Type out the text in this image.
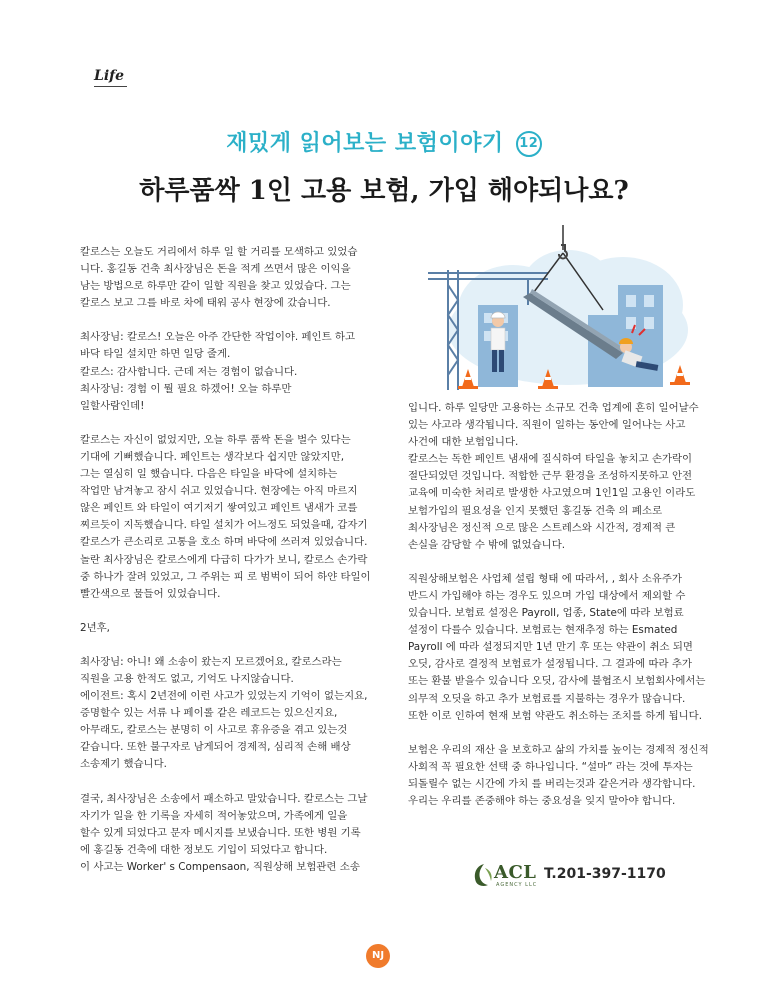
Life
재밌게 읽어보는 보험이야기 12
하루품싹 1인 고용 보험, 가입 해야되나요?

칼로스는 오늘도 거리에서 하루 일 할 거리를 모색하고 있었습
니다. 홍길동 건축 최사장님은 돈을 적게 쓰면서 많은 이익을
남는 방법으로 하루만 같이 일할 직원을 찾고 있었습다. 그는
칼로스 보고 그를 바로 차에 태워 공사 현장에 갔습니다.

최사장님: 칼로스! 오늘은 아주 간단한 작업이야. 페인트 하고
바닥 타일 설치만 하면 일당 줄게.
칼로스: 감사합니다. 근데 저는 경험이 없습니다.
최사장님: 경험 이 뭘 필요 하겠어! 오늘 하루만
일할사람인데!

칼로스는 자신이 없었지만, 오늘 하루 품싹 돈을 벌수 있다는
기대에 기뻐했습니다. 페인트는 생각보다 쉽지만 않았지만,
그는 열심히 일 했습니다. 다음은 타일을 바닥에 설치하는
작업만 남겨놓고 잠시 쉬고 있었습니다. 현장에는 아직 마르지
않은 페인트 와 타일이 여기저기 쌓여있고 페인트 냄새가 코를
찌르듯이 지독했습니다. 타일 설치가 어느정도 되었을때, 갑자기
칼로스가 큰소리로 고통을 호소 하며 바닥에 쓰러져 있었습니다.
놀란 최사장님은 칼로스에게 다급히 다가가 보니, 칼로스 손가락
중 하나가 잘려 있었고, 그 주위는 피 로 범벅이 되어 하얀 타일이
빨간색으로 물들어 있었습니다.

2년후,

최사장님: 아니! 왜 소송이 왔는지 모르겠어요, 칼로스라는
직원을 고용 한적도 없고, 기억도 나지않습니다.
에이전트: 혹시 2년전에 이런 사고가 있었는지 기억이 없는지요,
증명할수 있는 서류 나 페이롤 같은 레코드는 있으신지요,
아무래도, 칼로스는 분명히 이 사고로 휴유증을 겪고 있는것
같습니다. 또한 불구자로 남게되어 경제적, 심리적 손해 배상
소송제기 했습니다.

결국, 최사장님은 소송에서 패소하고 말았습니다. 칼로스는 그날
자기가 일을 한 기록을 자세히 적어놓았으며, 가족에게 일을
할수 있게 되었다고 문자 메시지를 보냈습니다. 또한 병원 기록
에 홍길동 건축에 대한 정보도 기입이 되었다고 합니다.
이 사고는 Worker' s Compensaon, 직원상해 보험관련 소송

입니다. 하루 일당만 고용하는 소규모 건축 업계에 흔히 일어날수
있는 사고라 생각됩니다. 직원이 일하는 동안에 일어나는 사고
사건에 대한 보험입니다.
칼로스는 독한 페인트 냄새에 질식하여 타일을 놓치고 손가락이
절단되었던 것입니다. 적합한 근무 환경을 조성하지못하고 안전
교육에 미숙한 처리로 발생한 사고였으며 1인1일 고용인 이라도
보험가입의 필요성을 인지 못했던 홍길동 건축 의 폐소로
최사장님은 정신적 으로 많은 스트레스와 시간적, 경제적 큰
손실을 감당할 수 밖에 없었습니다.

직원상해보험은 사업체 설립 형태 에 따라서, , 회사 소유주가
반드시 가입해야 하는 경우도 있으며 가입 대상에서 제외할 수
있습니다. 보험료 설정은 Payroll, 업종, State에 따라 보험료
설정이 다를수 있습니다. 보험료는 현재추정 하는 Esmated
Payroll 에 따라 설정되지만 1년 만기 후 또는 약관이 취소 되면
오딧, 감사로 결정적 보험료가 설정됩니다. 그 결과에 따라 추가
또는 환불 받을수 있습니다 오딧, 감사에 불협조시 보험회사에서는
의무적 오딧을 하고 추가 보험료를 지불하는 경우가 많습니다.
또한 이로 인하여 현재 보험 약관도 취소하는 조치를 하게 됩니다.

보험은 우리의 재산 을 보호하고 삶의 가치를 높이는 경제적 정신적
사회적 꼭 필요한 선택 중 하나입니다. “설마” 라는 것에 투자는
되돌릴수 없는 시간에 가치 를 버리는것과 같은거라 생각합니다.
우리는 우리를 존중해야 하는 중요성을 잊지 말아야 합니다.

ACL
AGENCY LLC
T.201-397-1170
NJ
